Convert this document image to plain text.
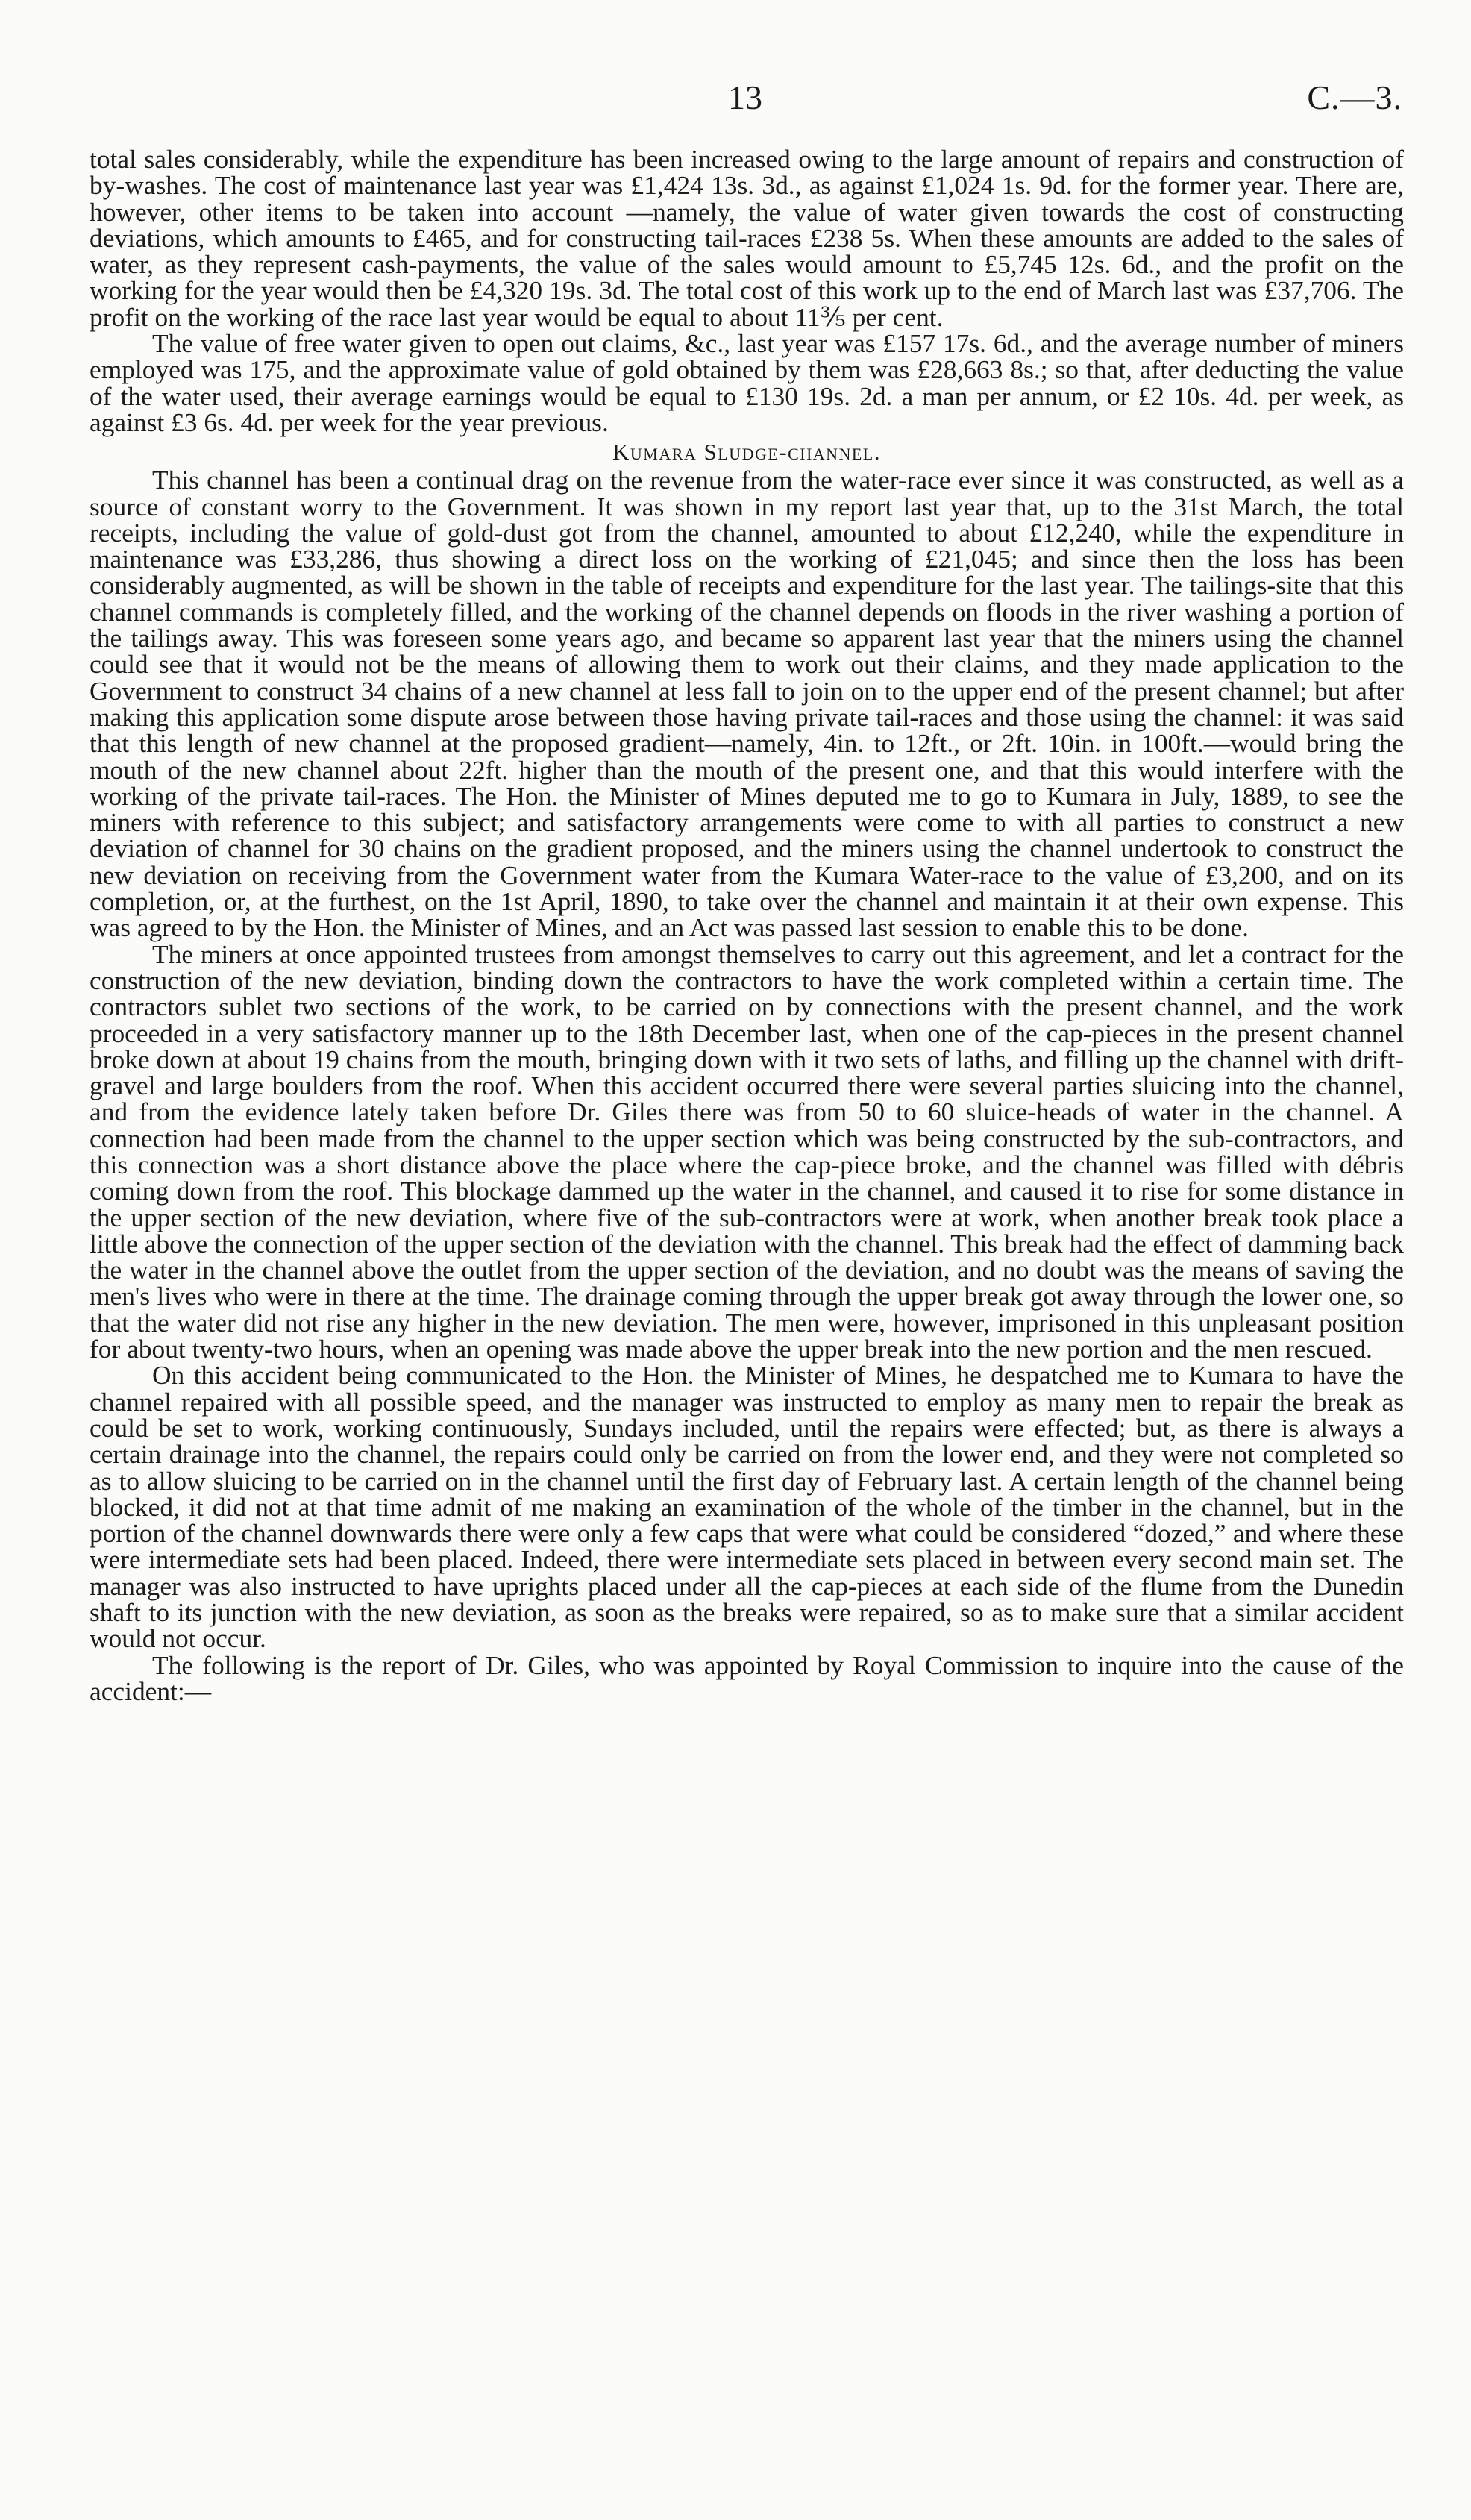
13	C.—3.

total sales considerably, while the expenditure has been increased owing to the large amount of repairs and construction of by-washes. The cost of maintenance last year was £1,424 13s. 3d., as against £1,024 1s. 9d. for the former year. There are, however, other items to be taken into account —namely, the value of water given towards the cost of constructing deviations, which amounts to £465, and for constructing tail-races £238 5s. When these amounts are added to the sales of water, as they represent cash-payments, the value of the sales would amount to £5,745 12s. 6d., and the profit on the working for the year would then be £4,320 19s. 3d. The total cost of this work up to the end of March last was £37,706. The profit on the working of the race last year would be equal to about 11⅗ per cent.

The value of free water given to open out claims, &c., last year was £157 17s. 6d., and the average number of miners employed was 175, and the approximate value of gold obtained by them was £28,663 8s.; so that, after deducting the value of the water used, their average earnings would be equal to £130 19s. 2d. a man per annum, or £2 10s. 4d. per week, as against £3 6s. 4d. per week for the year previous.

Kumara Sludge-channel.

This channel has been a continual drag on the revenue from the water-race ever since it was constructed, as well as a source of constant worry to the Government. It was shown in my report last year that, up to the 31st March, the total receipts, including the value of gold-dust got from the channel, amounted to about £12,240, while the expenditure in maintenance was £33,286, thus showing a direct loss on the working of £21,045; and since then the loss has been considerably augmented, as will be shown in the table of receipts and expenditure for the last year. The tailings-site that this channel commands is completely filled, and the working of the channel depends on floods in the river washing a portion of the tailings away. This was foreseen some years ago, and became so apparent last year that the miners using the channel could see that it would not be the means of allowing them to work out their claims, and they made application to the Government to construct 34 chains of a new channel at less fall to join on to the upper end of the present channel; but after making this application some dispute arose between those having private tail-races and those using the channel: it was said that this length of new channel at the proposed gradient—namely, 4in. to 12ft., or 2ft. 10in. in 100ft.—would bring the mouth of the new channel about 22ft. higher than the mouth of the present one, and that this would interfere with the working of the private tail-races. The Hon. the Minister of Mines deputed me to go to Kumara in July, 1889, to see the miners with reference to this subject; and satisfactory arrangements were come to with all parties to construct a new deviation of channel for 30 chains on the gradient proposed, and the miners using the channel undertook to construct the new deviation on receiving from the Government water from the Kumara Water-race to the value of £3,200, and on its completion, or, at the furthest, on the 1st April, 1890, to take over the channel and maintain it at their own expense. This was agreed to by the Hon. the Minister of Mines, and an Act was passed last session to enable this to be done.

The miners at once appointed trustees from amongst themselves to carry out this agreement, and let a contract for the construction of the new deviation, binding down the contractors to have the work completed within a certain time. The contractors sublet two sections of the work, to be carried on by connections with the present channel, and the work proceeded in a very satisfactory manner up to the 18th December last, when one of the cap-pieces in the present channel broke down at about 19 chains from the mouth, bringing down with it two sets of laths, and filling up the channel with drift-gravel and large boulders from the roof. When this accident occurred there were several parties sluicing into the channel, and from the evidence lately taken before Dr. Giles there was from 50 to 60 sluice-heads of water in the channel. A connection had been made from the channel to the upper section which was being constructed by the sub-contractors, and this connection was a short distance above the place where the cap-piece broke, and the channel was filled with débris coming down from the roof. This blockage dammed up the water in the channel, and caused it to rise for some distance in the upper section of the new deviation, where five of the sub-contractors were at work, when another break took place a little above the connection of the upper section of the deviation with the channel. This break had the effect of damming back the water in the channel above the outlet from the upper section of the deviation, and no doubt was the means of saving the men's lives who were in there at the time. The drainage coming through the upper break got away through the lower one, so that the water did not rise any higher in the new deviation. The men were, however, imprisoned in this unpleasant position for about twenty-two hours, when an opening was made above the upper break into the new portion and the men rescued.

On this accident being communicated to the Hon. the Minister of Mines, he despatched me to Kumara to have the channel repaired with all possible speed, and the manager was instructed to employ as many men to repair the break as could be set to work, working continuously, Sundays included, until the repairs were effected; but, as there is always a certain drainage into the channel, the repairs could only be carried on from the lower end, and they were not completed so as to allow sluicing to be carried on in the channel until the first day of February last. A certain length of the channel being blocked, it did not at that time admit of me making an examination of the whole of the timber in the channel, but in the portion of the channel downwards there were only a few caps that were what could be considered “dozed,” and where these were intermediate sets had been placed. Indeed, there were intermediate sets placed in between every second main set. The manager was also instructed to have uprights placed under all the cap-pieces at each side of the flume from the Dunedin shaft to its junction with the new deviation, as soon as the breaks were repaired, so as to make sure that a similar accident would not occur.

The following is the report of Dr. Giles, who was appointed by Royal Commission to inquire into the cause of the accident:—
